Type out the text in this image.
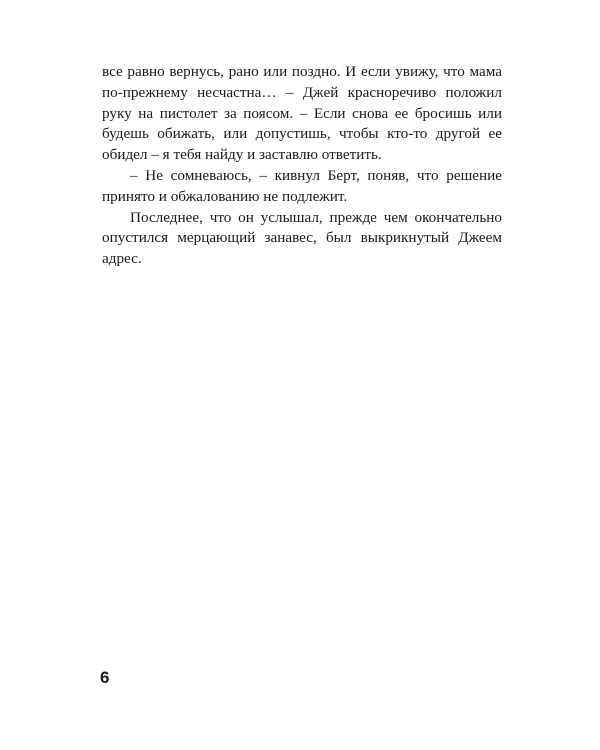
все равно вернусь, рано или поздно. И если увижу, что мама
по-прежнему несчастна… – Джей красноречиво положил
руку на пистолет за поясом. – Если снова ее бросишь или
будешь обижать, или допустишь, чтобы кто-то другой ее
обидел – я тебя найду и заставлю ответить.
– Не сомневаюсь, – кивнул Берт, поняв, что решение
принято и обжалованию не подлежит.
Последнее, что он услышал, прежде чем окончательно
опустился мерцающий занавес, был выкрикнутый Джеем
адрес.
6
